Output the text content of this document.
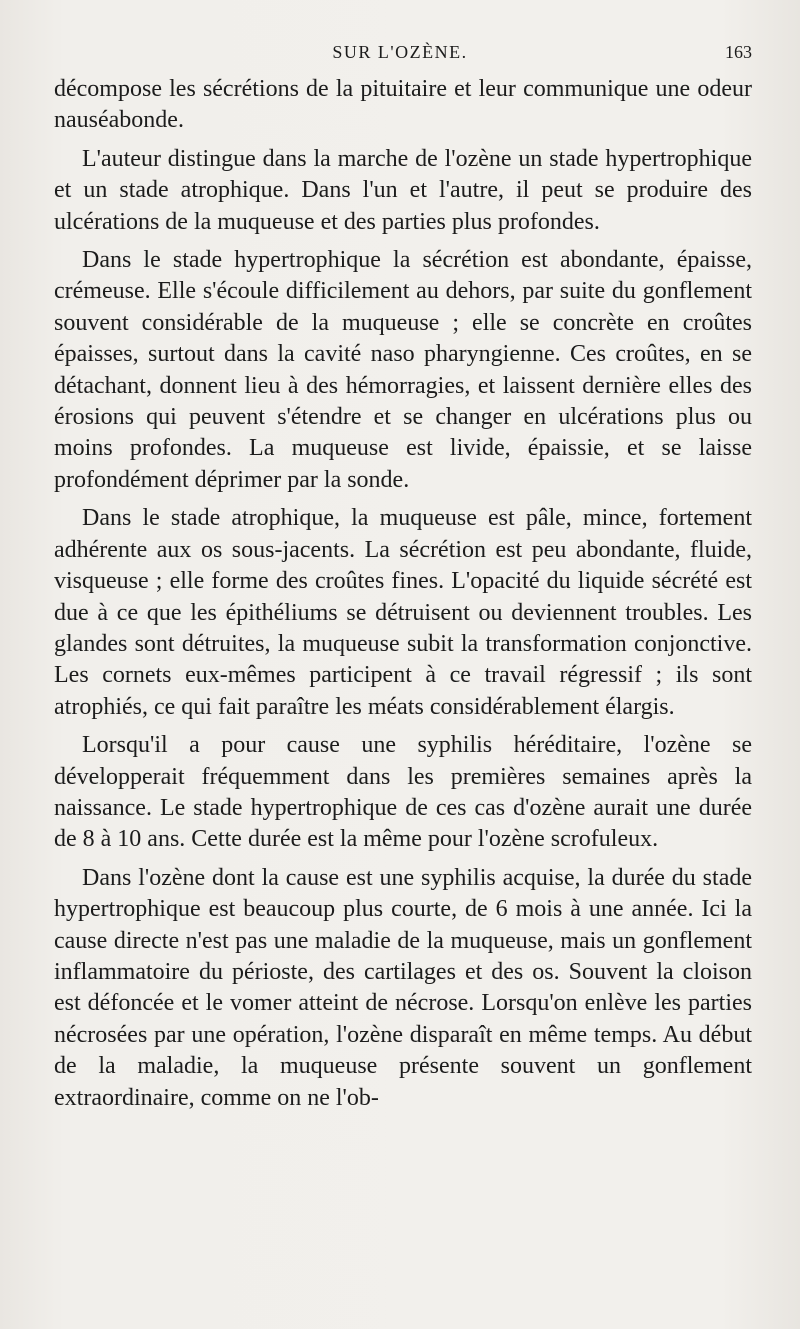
SUR L'OZÈNE.	163

décompose les sécrétions de la pituitaire et leur communique une odeur nauséabonde.

L'auteur distingue dans la marche de l'ozène un stade hypertrophique et un stade atrophique. Dans l'un et l'autre, il peut se produire des ulcérations de la muqueuse et des parties plus profondes.

Dans le stade hypertrophique la sécrétion est abondante, épaisse, crémeuse. Elle s'écoule difficilement au dehors, par suite du gonflement souvent considérable de la muqueuse ; elle se concrète en croûtes épaisses, surtout dans la cavité naso pharyngienne. Ces croûtes, en se détachant, donnent lieu à des hémorragies, et laissent dernière elles des érosions qui peuvent s'étendre et se changer en ulcérations plus ou moins profondes. La muqueuse est livide, épaissie, et se laisse profondément déprimer par la sonde.

Dans le stade atrophique, la muqueuse est pâle, mince, fortement adhérente aux os sous-jacents. La sécrétion est peu abondante, fluide, visqueuse ; elle forme des croûtes fines. L'opacité du liquide sécrété est due à ce que les épithéliums se détruisent ou deviennent troubles. Les glandes sont détruites, la muqueuse subit la transformation conjonctive. Les cornets eux-mêmes participent à ce travail régressif ; ils sont atrophiés, ce qui fait paraître les méats considérablement élargis.

Lorsqu'il a pour cause une syphilis héréditaire, l'ozène se développerait fréquemment dans les premières semaines après la naissance. Le stade hypertrophique de ces cas d'ozène aurait une durée de 8 à 10 ans. Cette durée est la même pour l'ozène scrofuleux.

Dans l'ozène dont la cause est une syphilis acquise, la durée du stade hypertrophique est beaucoup plus courte, de 6 mois à une année. Ici la cause directe n'est pas une maladie de la muqueuse, mais un gonflement inflammatoire du périoste, des cartilages et des os. Souvent la cloison est défoncée et le vomer atteint de nécrose. Lorsqu'on enlève les parties nécrosées par une opération, l'ozène disparaît en même temps. Au début de la maladie, la muqueuse présente souvent un gonflement extraordinaire, comme on ne l'ob-
